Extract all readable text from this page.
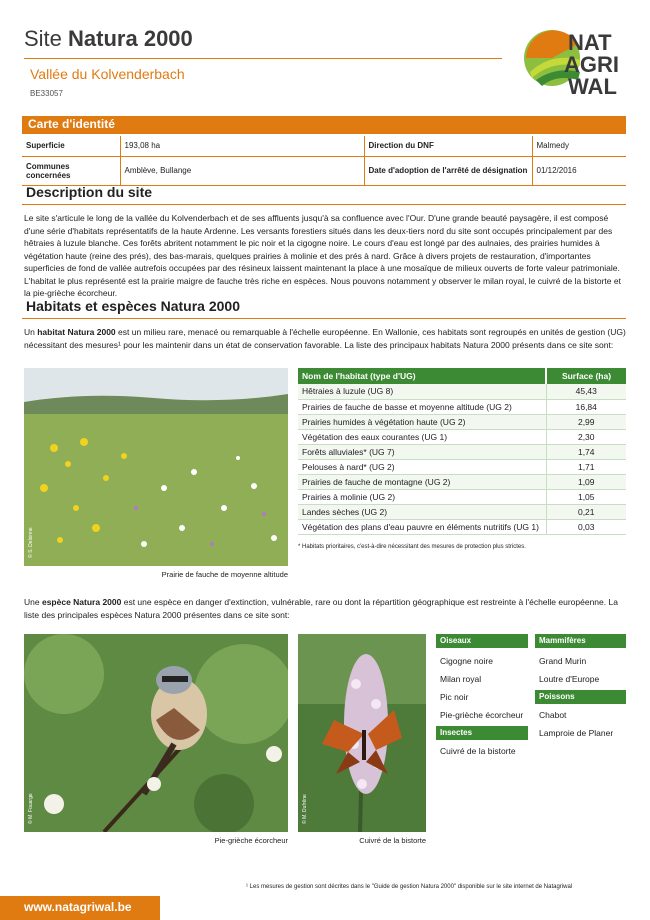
Site Natura 2000
Vallée du Kolvenderbach
BE33057
NAT
AGRI
WAL
Carte d'identité
Superficie	193,08 ha	Direction du DNF	Malmedy
Communes concernées	Amblève, Bullange	Date d'adoption de l'arrêté de désignation	01/12/2016
Description du site
Le site s'articule le long de la vallée du Kolvenderbach et de ses affluents jusqu'à sa confluence avec l'Our. D'une grande beauté paysagère, il est composé d'une série d'habitats représentatifs de la haute Ardenne. Les versants forestiers situés dans les deux-tiers nord du site sont occupés principalement par des hêtraies à luzule blanche. Ces forêts abritent notamment le pic noir et la cigogne noire. Le cours d'eau est longé par des aulnaies, des prairies humides à végétation haute (reine des prés), des bas-marais, quelques prairies à molinie et des prés à nard. Grâce à divers projets de restauration, d'importantes superficies de fond de vallée autrefois occupées par des résineux laissent maintenant la place à une mosaïque de milieux ouverts de forte valeur patrimoniale. L'habitat le plus représenté est la prairie maigre de fauche très riche en espèces. Nous pouvons notamment y observer le milan royal, le cuivré de la bistorte et la pie-grièche écorcheur.
Habitats et espèces Natura 2000
Un habitat Natura 2000 est un milieu rare, menacé ou remarquable à l'échelle européenne. En Wallonie, ces habitats sont regroupés en unités de gestion (UG) nécessitant des mesures¹ pour les maintenir dans un état de conservation favorable. La liste des principaux habitats Natura 2000 présents dans ce site sont:
© S. Delsinne
Prairie de fauche de moyenne altitude
Nom de l'habitat (type d'UG)	Surface (ha)
Hêtraies à luzule (UG 8)	45,43
Prairies de fauche de basse et moyenne altitude (UG 2)	16,84
Prairies humides à végétation haute (UG 2)	2,99
Végétation des eaux courantes (UG 1)	2,30
Forêts alluviales* (UG 7)	1,74
Pelouses à nard* (UG 2)	1,71
Prairies de fauche de montagne (UG 2)	1,09
Prairies à molinie (UG 2)	1,05
Landes sèches (UG 2)	0,21
Végétation des plans d'eau pauvre en éléments nutritifs (UG 1)	0,03
* Habitats prioritaires, c'est-à-dire nécessitant des mesures de protection plus strictes.
Une espèce Natura 2000 est une espèce en danger d'extinction, vulnérable, rare ou dont la répartition géographique est restreinte à l'échelle européenne. La liste des principales espèces Natura 2000 présentes dans ce site sont:
© M. Fouarge
Pie-grièche écorcheur
© M. Dufrêne
Cuivré de la bistorte
Oiseaux
Cigogne noire
Milan royal
Pic noir
Pie-grièche écorcheur
Insectes
Cuivré de la bistorte
Mammifères
Grand Murin
Loutre d'Europe
Poissons
Chabot
Lamproie de Planer
¹ Les mesures de gestion sont décrites dans le "Guide de gestion Natura 2000" disponible sur le site internet de Natagriwal
www.natagriwal.be
